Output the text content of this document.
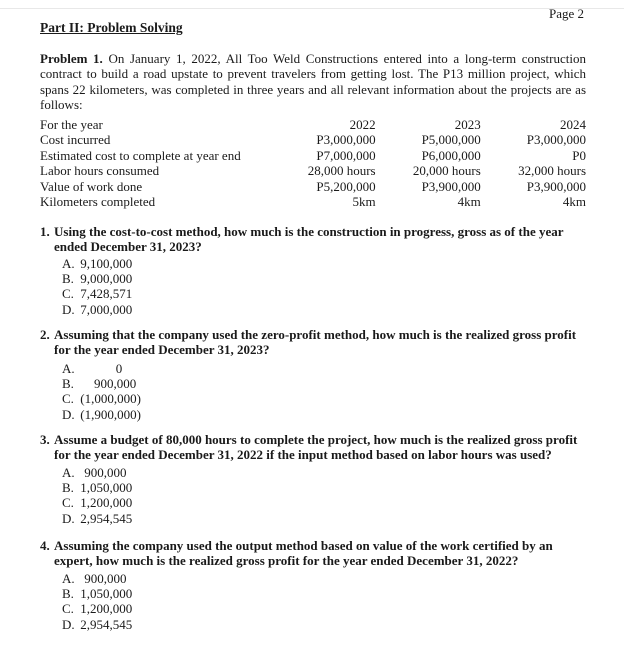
Page 2
Part II: Problem Solving
Problem 1. On January 1, 2022, All Too Weld Constructions entered into a long-term construction contract to build a road upstate to prevent travelers from getting lost. The P13 million project, which spans 22 kilometers, was completed in three years and all relevant information about the projects are as follows:
For the year	2022	2023	2024
Cost incurred	P3,000,000	P5,000,000	P3,000,000
Estimated cost to complete at year end	P7,000,000	P6,000,000	P0
Labor hours consumed	28,000 hours	20,000 hours	32,000 hours
Value of work done	P5,200,000	P3,900,000	P3,900,000
Kilometers completed	5km	4km	4km
1. Using the cost-to-cost method, how much is the construction in progress, gross as of the year
ended December 31, 2023?
A. 9,100,000
B. 9,000,000
C. 7,428,571
D. 7,000,000
2. Assuming that the company used the zero-profit method, how much is the realized gross profit
for the year ended December 31, 2023?
A.	0
B. 900,000
C. (1,000,000)
D. (1,900,000)
3. Assume a budget of 80,000 hours to complete the project, how much is the realized gross profit
for the year ended December 31, 2022 if the input method based on labor hours was used?
A. 900,000
B. 1,050,000
C. 1,200,000
D. 2,954,545
4. Assuming the company used the output method based on value of the work certified by an
expert, how much is the realized gross profit for the year ended December 31, 2022?
A. 900,000
B. 1,050,000
C. 1,200,000
D. 2,954,545
